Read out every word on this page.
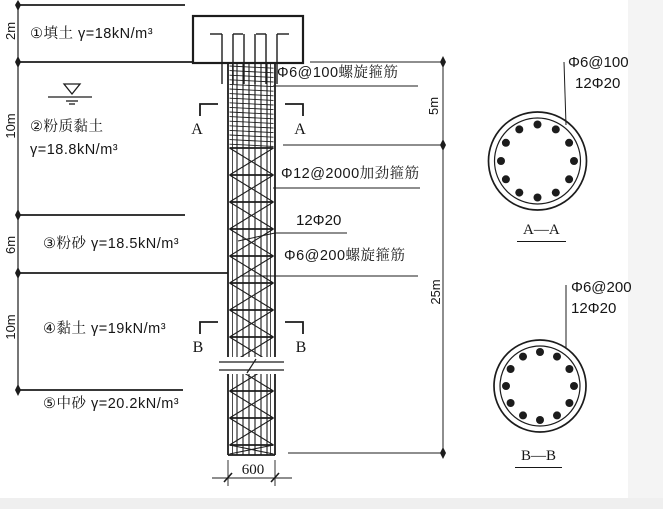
①填土 γ=18kN/m³
②粉质黏土
γ=18.8kN/m³
③粉砂 γ=18.5kN/m³
④黏土 γ=19kN/m³
⑤中砂 γ=20.2kN/m³
2m
10m
6m
10m
Φ6@100螺旋箍筋
Φ12@2000加劲箍筋
12Φ20
Φ6@200螺旋箍筋
5m
25m
600
A	A
B	B
Φ6@100
12Φ20
A—A
Φ6@200
12Φ20
B—B
